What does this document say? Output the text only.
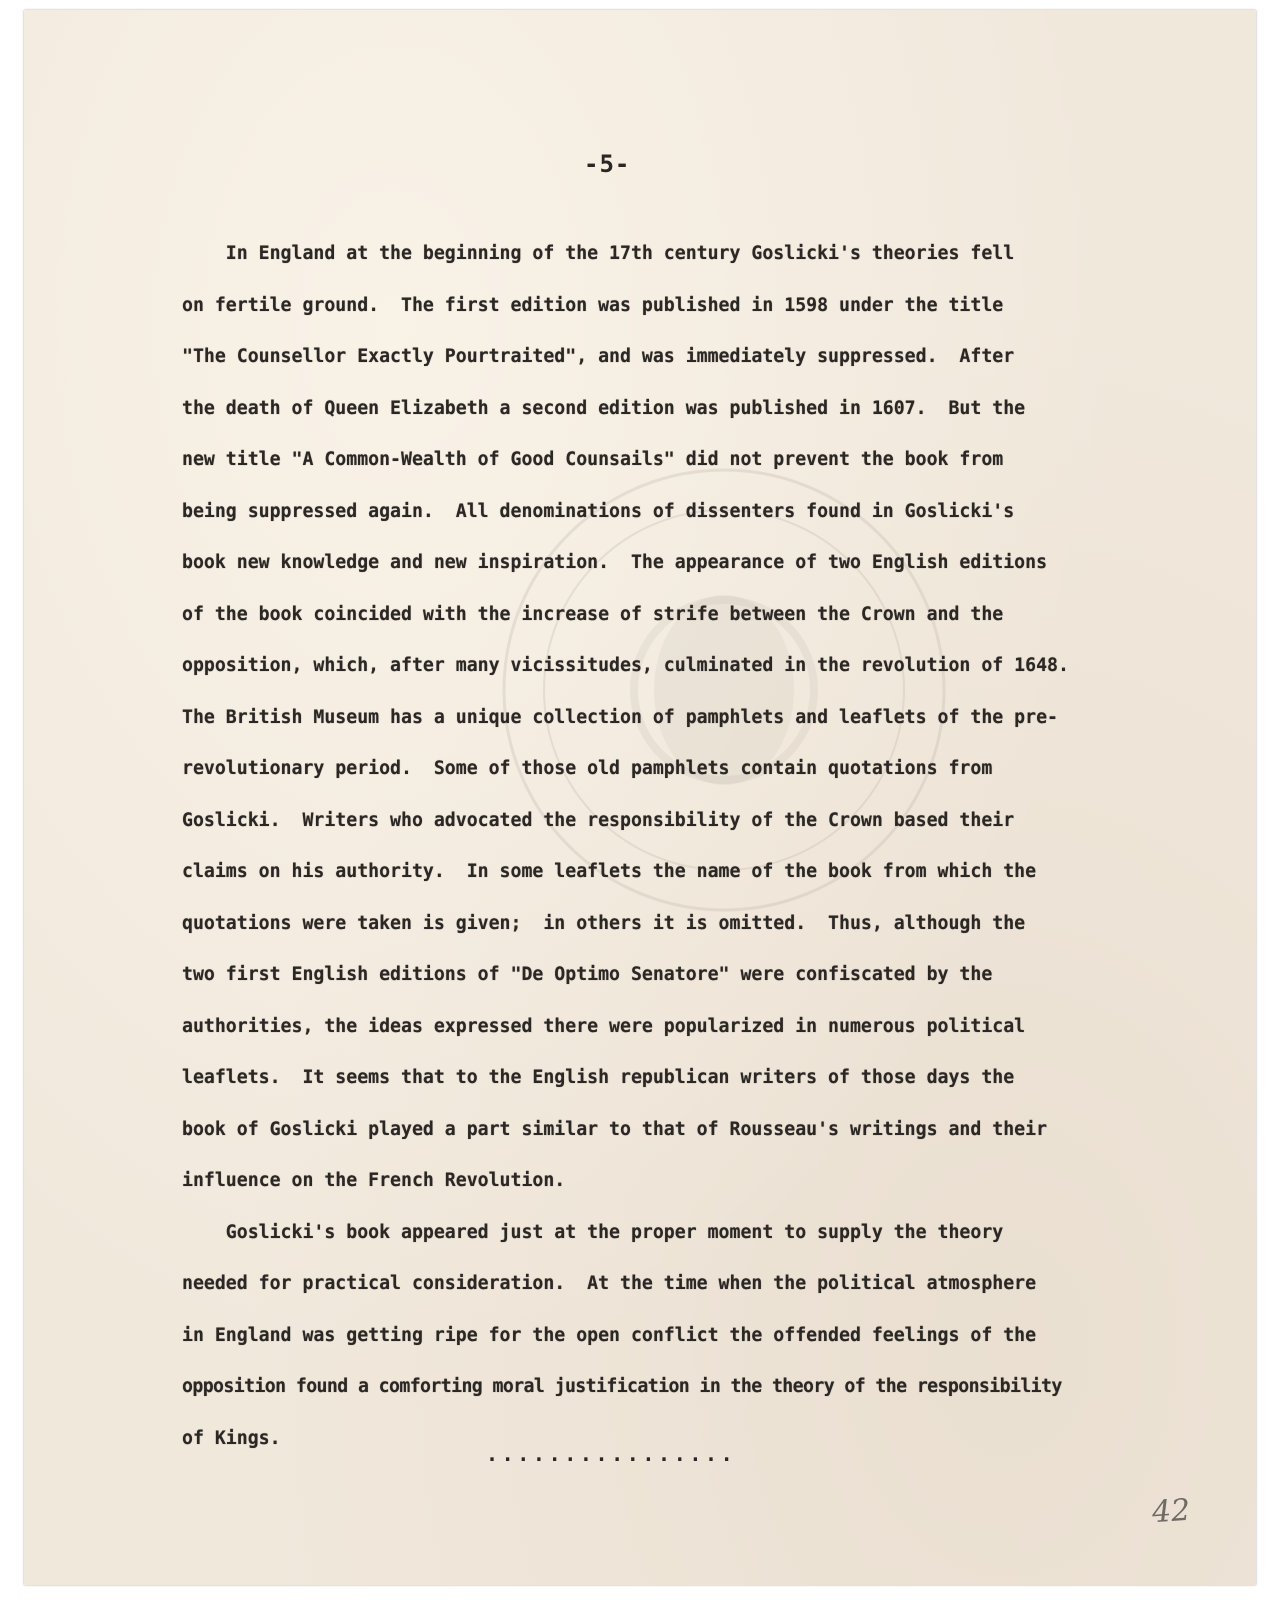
-5-
In England at the beginning of the 17th century Goslicki's theories fell
on fertile ground.  The first edition was published in 1598 under the title
"The Counsellor Exactly Pourtraited", and was immediately suppressed.  After
the death of Queen Elizabeth a second edition was published in 1607.  But the
new title "A Common-Wealth of Good Counsails" did not prevent the book from
being suppressed again.  All denominations of dissenters found in Goslicki's
book new knowledge and new inspiration.  The appearance of two English editions
of the book coincided with the increase of strife between the Crown and the
opposition, which, after many vicissitudes, culminated in the revolution of 1648.
The British Museum has a unique collection of pamphlets and leaflets of the pre-
revolutionary period.  Some of those old pamphlets contain quotations from
Goslicki.  Writers who advocated the responsibility of the Crown based their
claims on his authority.  In some leaflets the name of the book from which the
quotations were taken is given;  in others it is omitted.  Thus, although the
two first English editions of "De Optimo Senatore" were confiscated by the
authorities, the ideas expressed there were popularized in numerous political
leaflets.  It seems that to the English republican writers of those days the
book of Goslicki played a part similar to that of Rousseau's writings and their
influence on the French Revolution.
Goslicki's book appeared just at the proper moment to supply the theory
needed for practical consideration.  At the time when the political atmosphere
in England was getting ripe for the open conflict the offended feelings of the
opposition found a comforting moral justification in the theory of the responsibility
of Kings.
................
42
